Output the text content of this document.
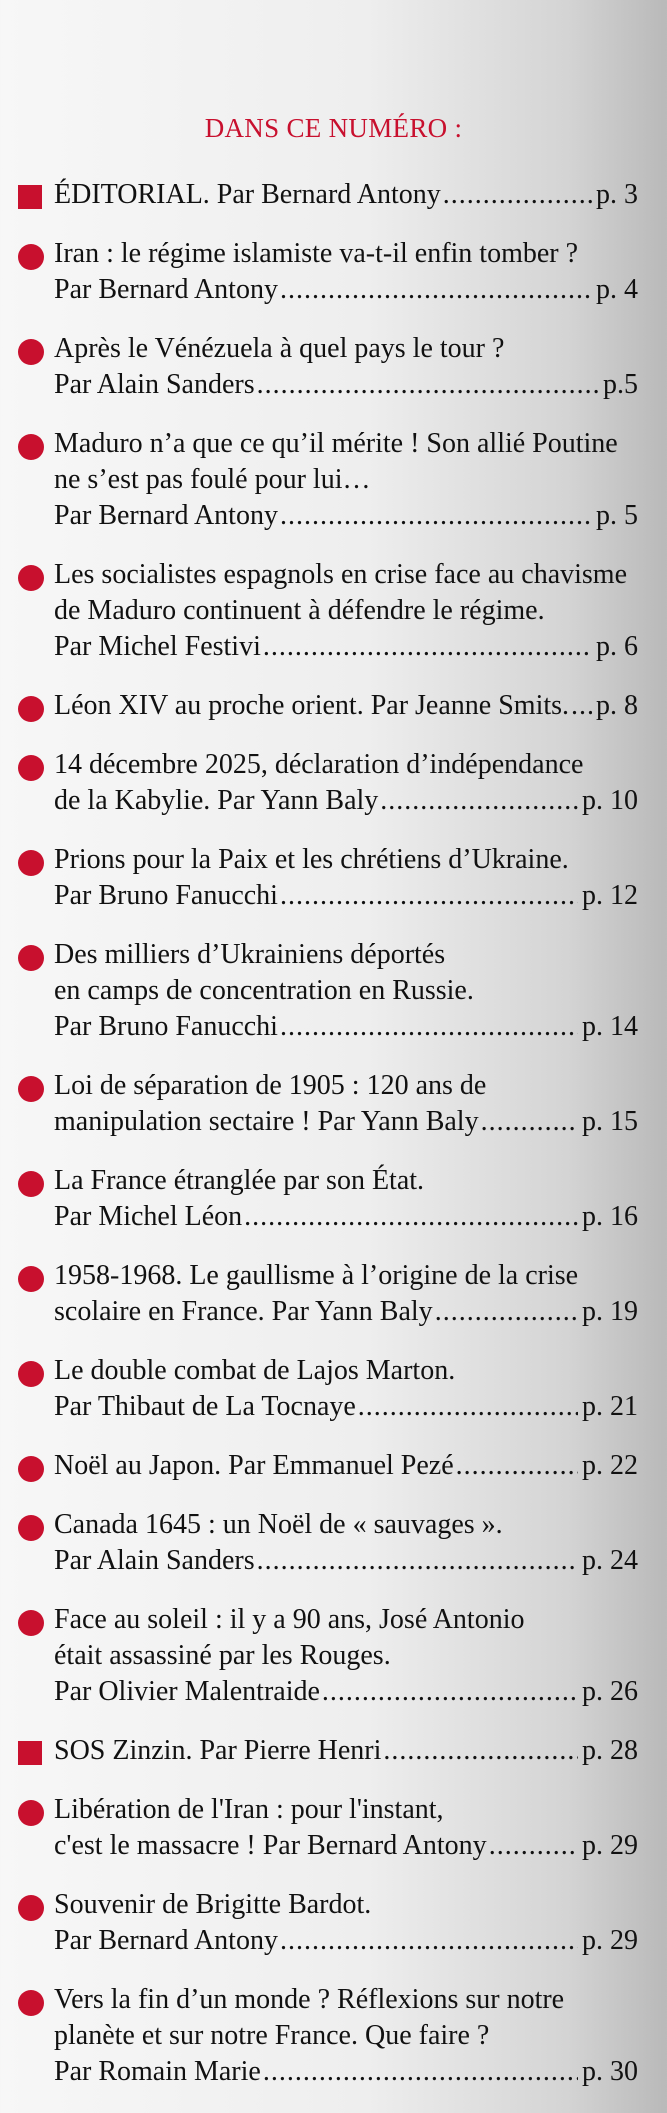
DANS CE NUMÉRO :
ÉDITORIAL. Par Bernard Antony .....	p. 3
Iran : le régime islamiste va-t-il enfin tomber ?
Par Bernard Antony .....	p. 4
Après le Vénézuela à quel pays le tour ?
Par Alain Sanders .....	p.5
Maduro n’a que ce qu’il mérite ! Son allié Poutine
ne s’est pas foulé pour lui…
Par Bernard Antony .....	p. 5
Les socialistes espagnols en crise face au chavisme
de Maduro continuent à défendre le régime.
Par Michel Festivi .....	p. 6
Léon XIV au proche orient. Par Jeanne Smits. ..... p. 8
14 décembre 2025, déclaration d’indépendance
de la Kabylie. Par Yann Baly .....	p. 10
Prions pour la Paix et les chrétiens d’Ukraine.
Par Bruno Fanucchi .....	p. 12
Des milliers d’Ukrainiens déportés
en camps de concentration en Russie.
Par Bruno Fanucchi .....	p. 14
Loi de séparation de 1905 : 120 ans de
manipulation sectaire ! Par Yann Baly .....	p. 15
La France étranglée par son État.
Par Michel Léon .....	p. 16
1958-1968. Le gaullisme à l’origine de la crise
scolaire en France. Par Yann Baly .....	p. 19
Le double combat de Lajos Marton.
Par Thibaut de La Tocnaye .....	p. 21
Noël au Japon. Par Emmanuel Pezé .....	p. 22
Canada 1645 : un Noël de « sauvages ».
Par Alain Sanders .....	p. 24
Face au soleil : il y a 90 ans, José Antonio
était assassiné par les Rouges.
Par Olivier Malentraide .....	p. 26
SOS Zinzin. Par Pierre Henri .....	p. 28
Libération de l'Iran : pour l'instant,
c'est le massacre ! Par Bernard Antony .....	p. 29
Souvenir de Brigitte Bardot.
Par Bernard Antony .....	p. 29
Vers la fin d’un monde ? Réflexions sur notre
planète et sur notre France. Que faire ?
Par Romain Marie .....	p. 30
